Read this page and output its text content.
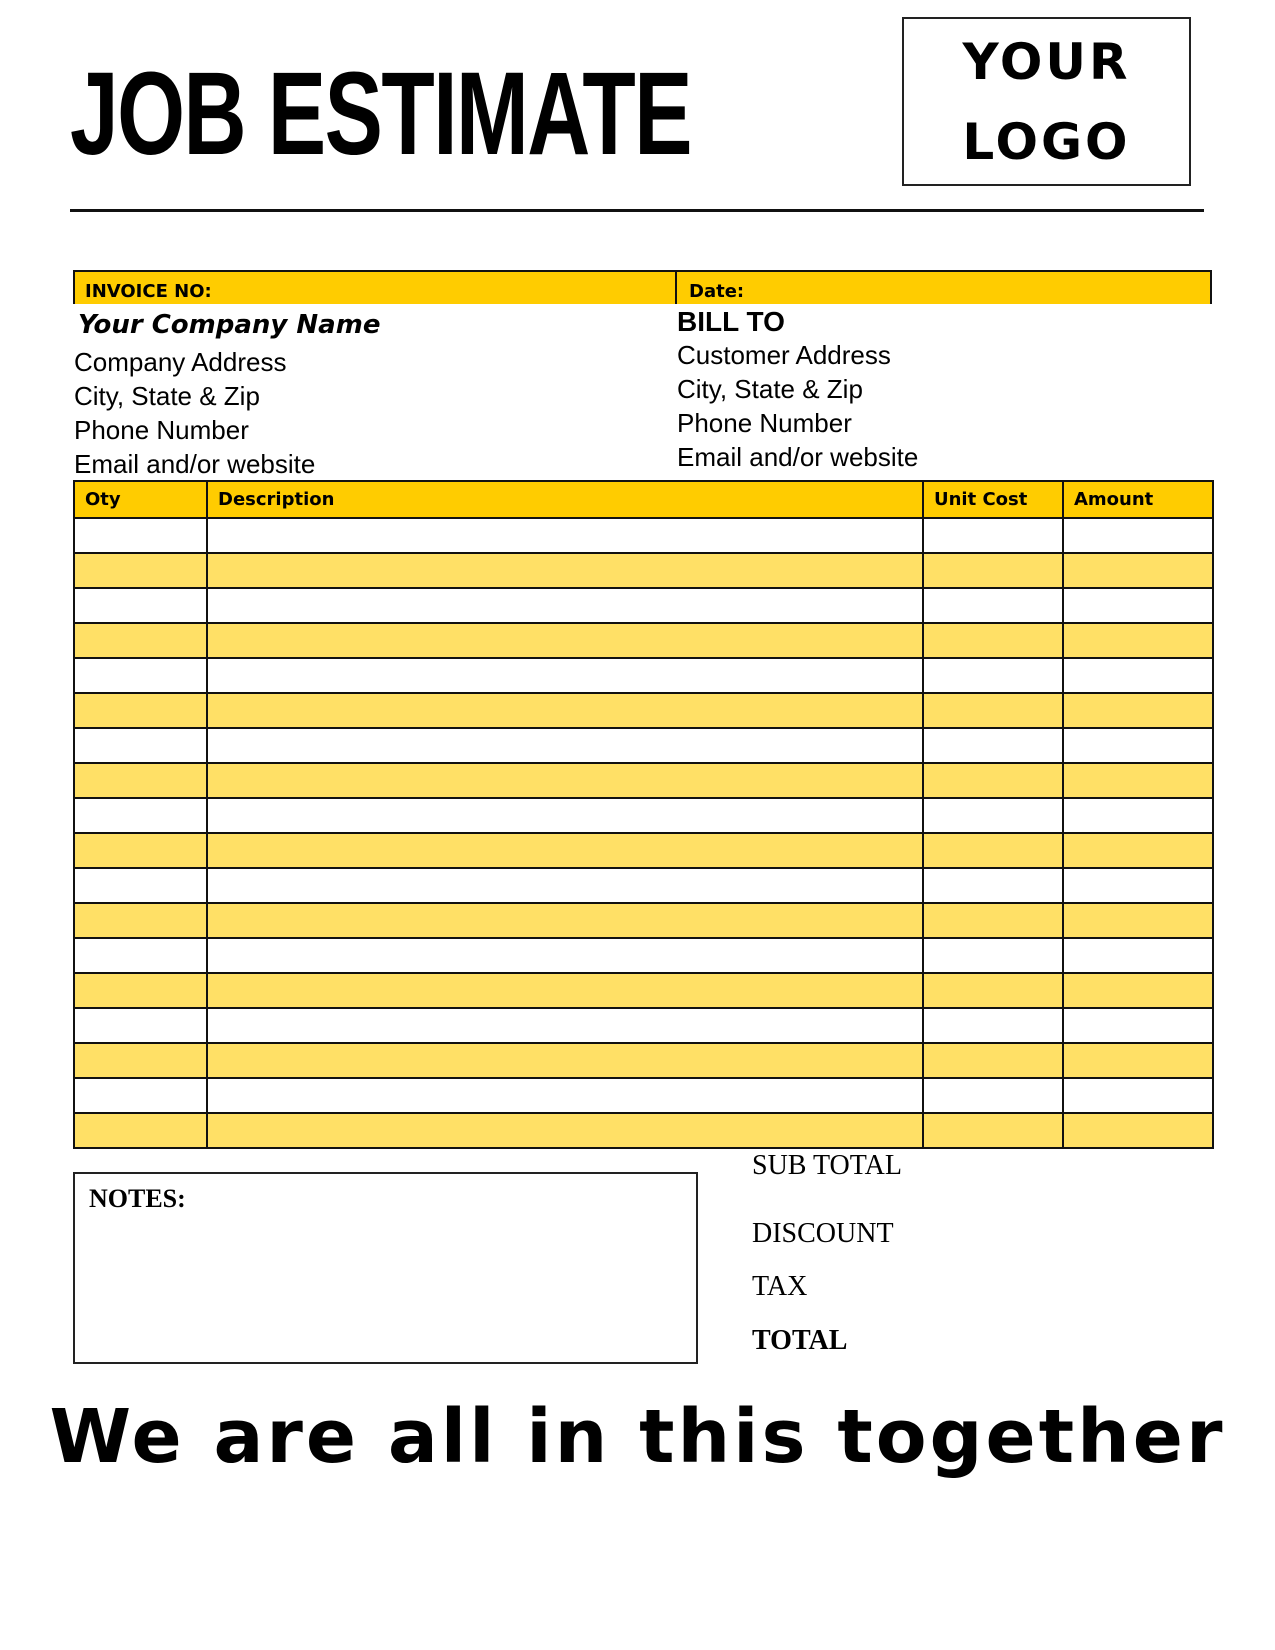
JOB ESTIMATE	YOUR
LOGO
INVOICE NO:	Date:
Your Company Name
Company Address
City, State & Zip
Phone Number
Email and/or website
BILL TO
Customer Address
City, State & Zip
Phone Number
Email and/or website
Oty	Description	Unit Cost	Amount

NOTES:
SUB TOTAL
DISCOUNT
TAX
TOTAL
We are all in this together
